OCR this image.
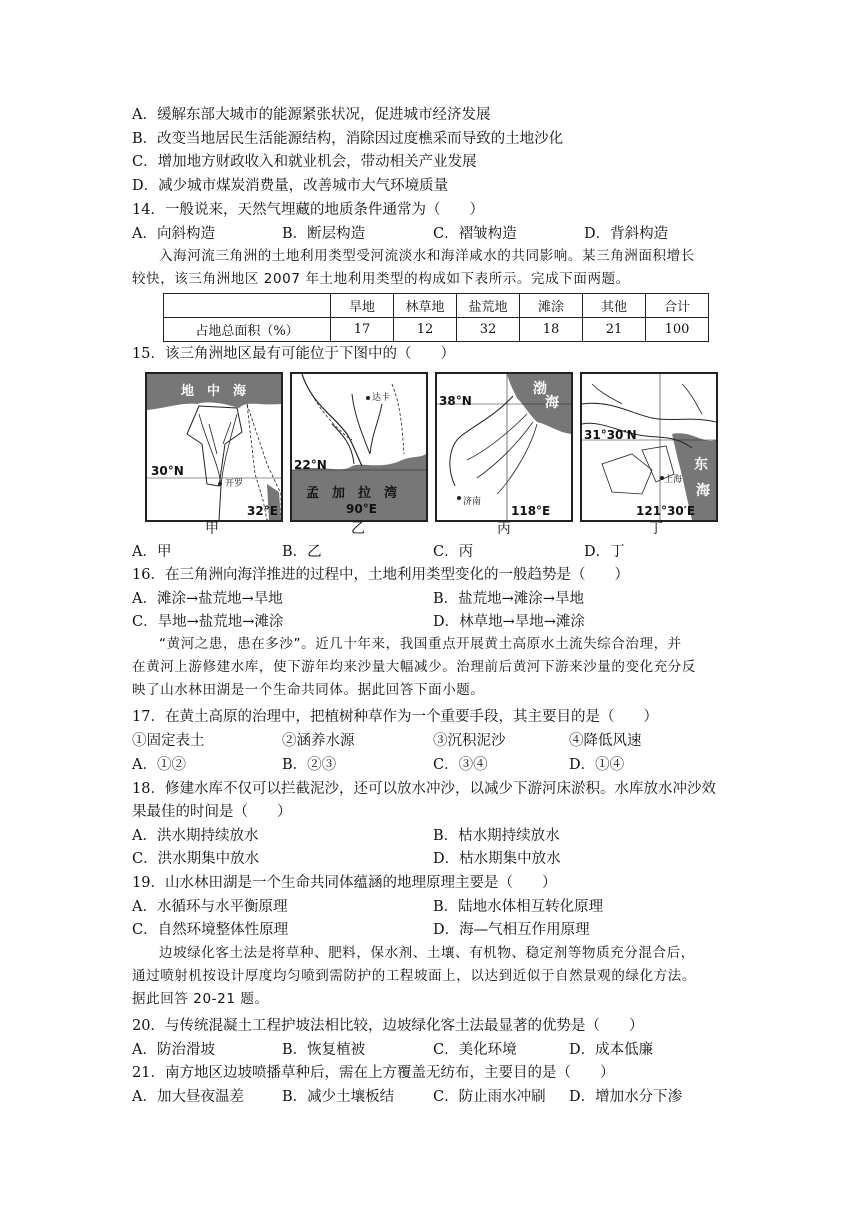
A．缓解东部大城市的能源紧张状况，促进城市经济发展
B．改变当地居民生活能源结构，消除因过度樵采而导致的土地沙化
C．增加地方财政收入和就业机会，带动相关产业发展
D．减少城市煤炭消费量，改善城市大气环境质量
14．一般说来，天然气埋藏的地质条件通常为（　　）
A．向斜构造	B．断层构造	C．褶皱构造	D．背斜构造
入海河流三角洲的土地利用类型受河流淡水和海洋咸水的共同影响。某三角洲面积增长
较快，该三角洲地区 2007 年土地利用类型的构成如下表所示。完成下面两题。
	旱地	林草地	盐荒地	滩涂	其他	合计
占地总面积（%）	17	12	32	18	21	100
15．该三角洲地区最有可能位于下图中的（　　）
地　中　海
30°N
开罗
32°E
甲
达卡
22°N
孟　加　拉　湾
90°E
乙
渤
海
38°N
济南
118°E
丙
31°30′N
东
海
上海
121°30′E
丁
A．甲	B．乙	C．丙	D．丁
16．在三角洲向海洋推进的过程中，土地利用类型变化的一般趋势是（　　）
A．滩涂→盐荒地→旱地	B．盐荒地→滩涂→旱地
C．旱地→盐荒地→滩涂	D．林草地→旱地→滩涂
“黄河之患，患在多沙”。近几十年来，我国重点开展黄土高原水土流失综合治理，并
在黄河上游修建水库，使下游年均来沙量大幅减少。治理前后黄河下游来沙量的变化充分反
映了山水林田湖是一个生命共同体。据此回答下面小题。
17．在黄土高原的治理中，把植树种草作为一个重要手段，其主要目的是（　　）
①固定表土	②涵养水源	③沉积泥沙	④降低风速
A．①②	B．②③	C．③④	D．①④
18．修建水库不仅可以拦截泥沙，还可以放水冲沙，以减少下游河床淤积。水库放水冲沙效
果最佳的时间是（　　）
A．洪水期持续放水	B．枯水期持续放水
C．洪水期集中放水	D．枯水期集中放水
19．山水林田湖是一个生命共同体蕴涵的地理原理主要是（　　）
A．水循环与水平衡原理	B．陆地水体相互转化原理
C．自然环境整体性原理	D．海—气相互作用原理
边坡绿化客土法是将草种、肥料，保水剂、土壤、有机物、稳定剂等物质充分混合后，
通过喷射机按设计厚度均匀喷到需防护的工程坡面上，以达到近似于自然景观的绿化方法。
据此回答 20-21 题。
20．与传统混凝土工程护坡法相比较，边坡绿化客土法最显著的优势是（　　）
A．防治滑坡	B．恢复植被	C．美化环境	D．成本低廉
21．南方地区边坡喷播草种后，需在上方覆盖无纺布，主要目的是（　　）
A．加大昼夜温差	B．减少土壤板结	C．防止雨水冲刷 D．增加水分下渗
